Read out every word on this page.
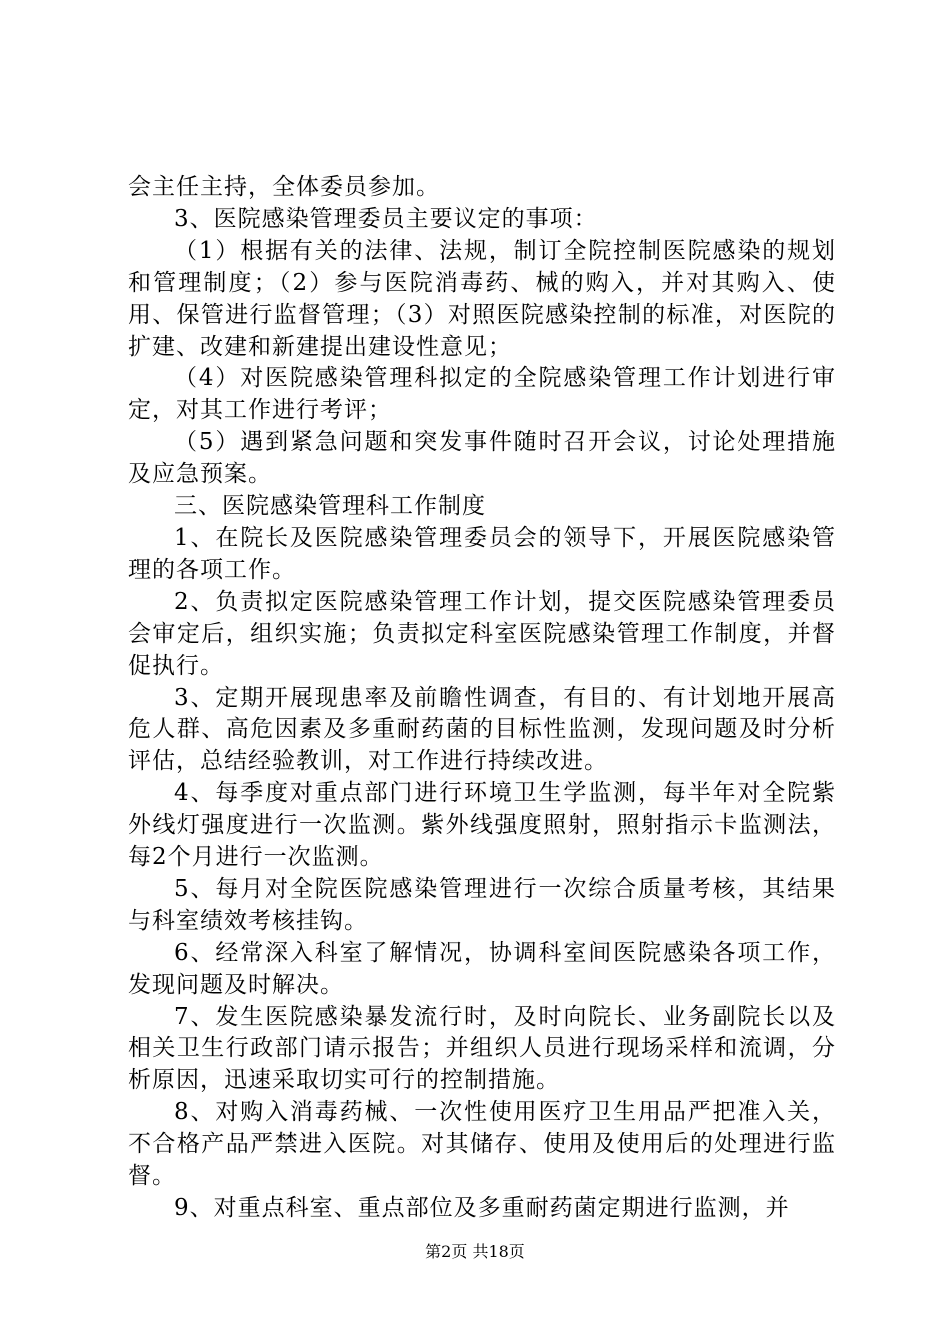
会主任主持，全体委员参加。

3、医院感染管理委员主要议定的事项：

（1）根据有关的法律、法规，制订全院控制医院感染的规划和管理制度；（2）参与医院消毒药、械的购入，并对其购入、使用、保管进行监督管理；（3）对照医院感染控制的标准，对医院的扩建、改建和新建提出建设性意见；

（4）对医院感染管理科拟定的全院感染管理工作计划进行审定，对其工作进行考评；

（5）遇到紧急问题和突发事件随时召开会议，讨论处理措施及应急预案。

三、医院感染管理科工作制度

1、在院长及医院感染管理委员会的领导下，开展医院感染管理的各项工作。

2、负责拟定医院感染管理工作计划，提交医院感染管理委员会审定后，组织实施；负责拟定科室医院感染管理工作制度，并督促执行。

3、定期开展现患率及前瞻性调查，有目的、有计划地开展高危人群、高危因素及多重耐药菌的目标性监测，发现问题及时分析评估，总结经验教训，对工作进行持续改进。

4、每季度对重点部门进行环境卫生学监测，每半年对全院紫外线灯强度进行一次监测。紫外线强度照射，照射指示卡监测法，每2个月进行一次监测。

5、每月对全院医院感染管理进行一次综合质量考核，其结果与科室绩效考核挂钩。

6、经常深入科室了解情况，协调科室间医院感染各项工作，发现问题及时解决。

7、发生医院感染暴发流行时，及时向院长、业务副院长以及相关卫生行政部门请示报告；并组织人员进行现场采样和流调，分析原因，迅速采取切实可行的控制措施。

8、对购入消毒药械、一次性使用医疗卫生用品严把准入关，不合格产品严禁进入医院。对其储存、使用及使用后的处理进行监督。

9、对重点科室、重点部位及多重耐药菌定期进行监测，并

第2页 共18页
